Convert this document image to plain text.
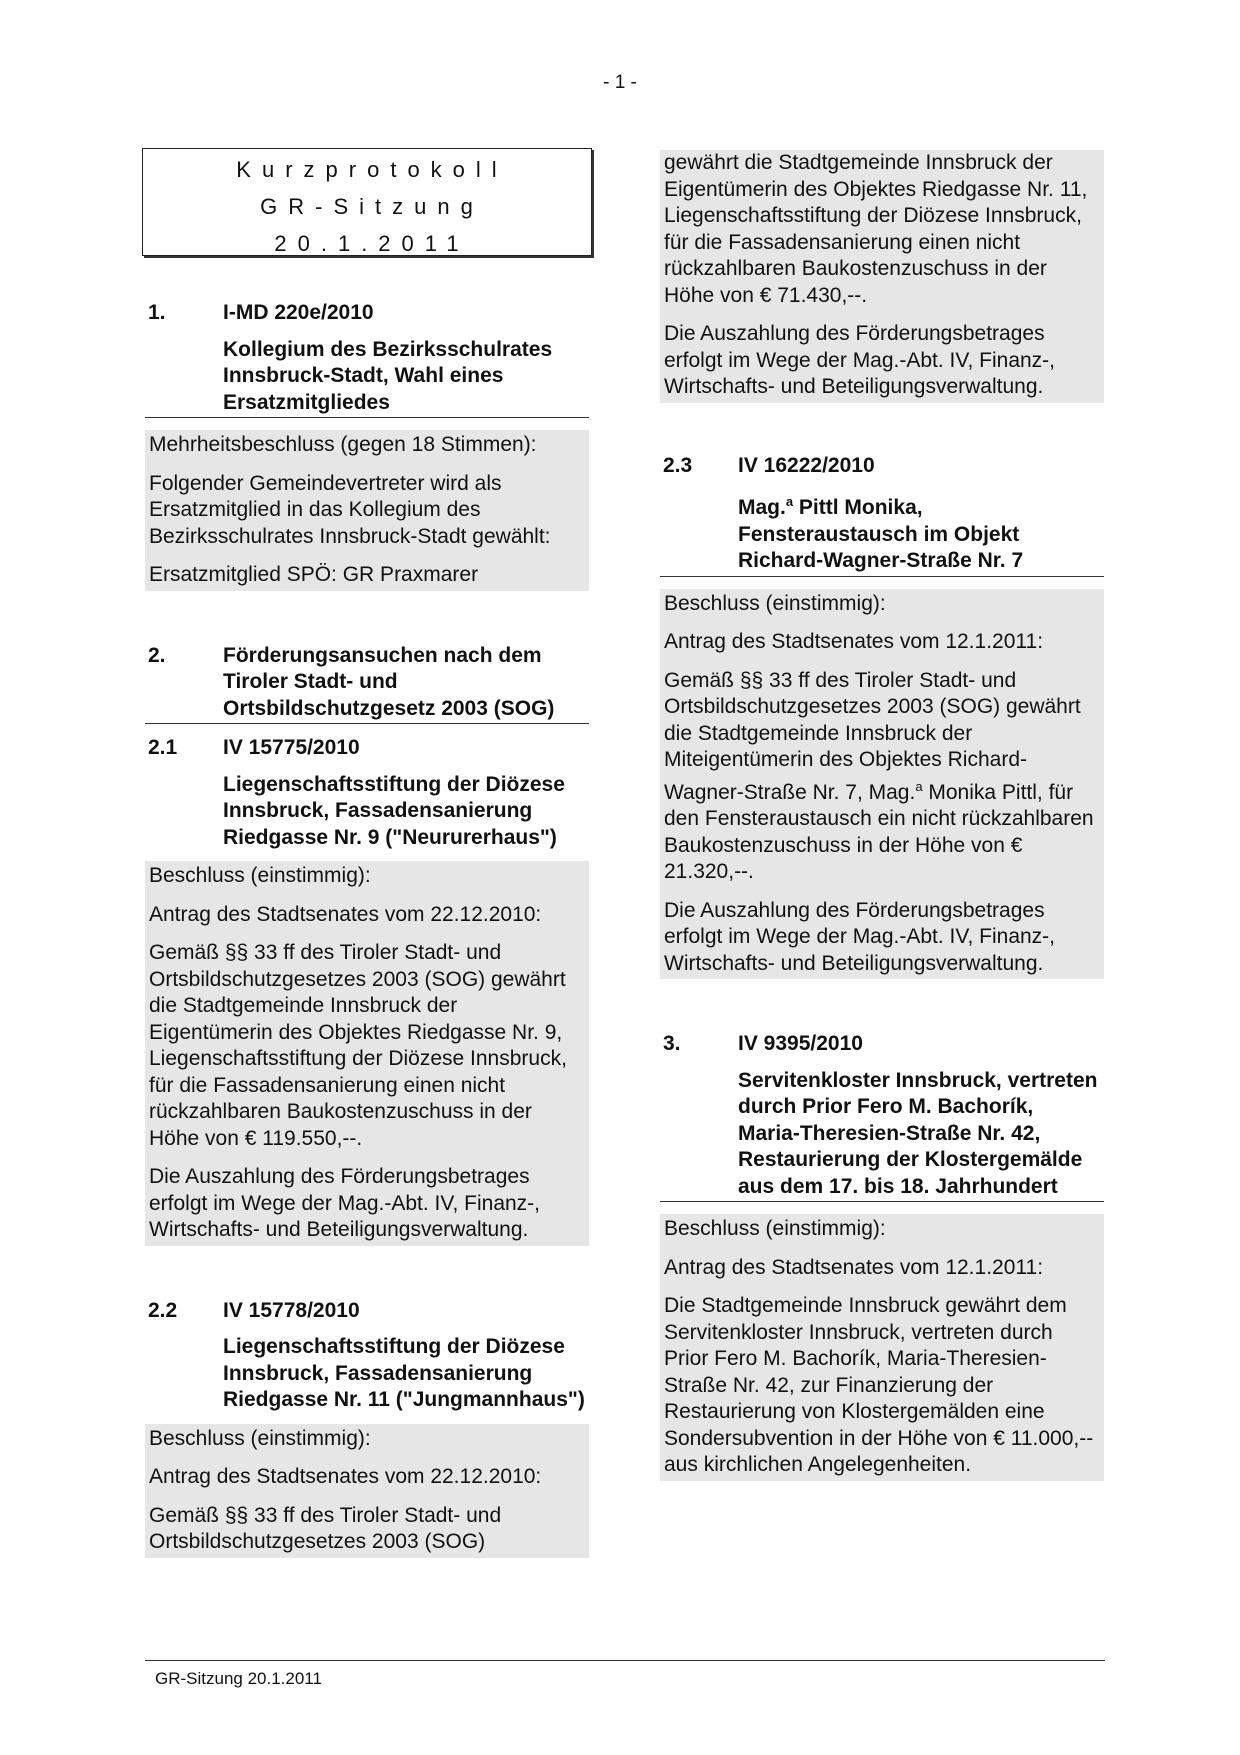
- 1 -
Kurzprotokoll
GR-Sitzung
20.1.2011
1.	I-MD 220e/2010
Kollegium des Bezirksschulrates Innsbruck-Stadt, Wahl eines Ersatzmitgliedes

Mehrheitsbeschluss (gegen 18 Stimmen):

Folgender Gemeindevertreter wird als Ersatzmitglied in das Kollegium des Bezirksschulrates Innsbruck-Stadt gewählt:

Ersatzmitglied SPÖ: GR Praxmarer

2.	Förderungsansuchen nach dem Tiroler Stadt- und Ortsbildschutzgesetz 2003 (SOG)
2.1	IV 15775/2010
Liegenschaftsstiftung der Diözese Innsbruck, Fassadensanierung Riedgasse Nr. 9 ("Neururerhaus")

Beschluss (einstimmig):

Antrag des Stadtsenates vom 22.12.2010:

Gemäß §§ 33 ff des Tiroler Stadt- und Ortsbildschutzgesetzes 2003 (SOG) gewährt die Stadtgemeinde Innsbruck der Eigentümerin des Objektes Riedgasse Nr. 9, Liegenschaftsstiftung der Diözese Innsbruck, für die Fassadensanierung einen nicht rückzahlbaren Baukostenzuschuss in der Höhe von € 119.550,--.

Die Auszahlung des Förderungsbetrages erfolgt im Wege der Mag.-Abt. IV, Finanz-, Wirtschafts- und Beteiligungsverwaltung.

2.2	IV 15778/2010
Liegenschaftsstiftung der Diözese Innsbruck, Fassadensanierung Riedgasse Nr. 11 ("Jungmannhaus")

Beschluss (einstimmig):

Antrag des Stadtsenates vom 22.12.2010:

Gemäß §§ 33 ff des Tiroler Stadt- und Ortsbildschutzgesetzes 2003 (SOG)

gewährt die Stadtgemeinde Innsbruck der Eigentümerin des Objektes Riedgasse Nr. 11, Liegenschaftsstiftung der Diözese Innsbruck, für die Fassadensanierung einen nicht rückzahlbaren Baukostenzuschuss in der Höhe von € 71.430,--.

Die Auszahlung des Förderungsbetrages erfolgt im Wege der Mag.-Abt. IV, Finanz-, Wirtschafts- und Beteiligungsverwaltung.

2.3	IV 16222/2010
Mag.$^a$ Pittl Monika, Fensteraustausch im Objekt Richard-Wagner-Straße Nr. 7

Beschluss (einstimmig):

Antrag des Stadtsenates vom 12.1.2011:

Gemäß §§ 33 ff des Tiroler Stadt- und Ortsbildschutzgesetzes 2003 (SOG) gewährt die Stadtgemeinde Innsbruck der Miteigentümerin des Objektes Richard-Wagner-Straße Nr. 7, Mag.$^a$ Monika Pittl, für den Fensteraustausch ein nicht rückzahlbaren Baukostenzuschuss in der Höhe von € 21.320,--.

Die Auszahlung des Förderungsbetrages erfolgt im Wege der Mag.-Abt. IV, Finanz-, Wirtschafts- und Beteiligungsverwaltung.

3.	IV 9395/2010
Servitenkloster Innsbruck, vertreten durch Prior Fero M. Bachorík, Maria-Theresien-Straße Nr. 42, Restaurierung der Klostergemälde aus dem 17. bis 18. Jahrhundert

Beschluss (einstimmig):

Antrag des Stadtsenates vom 12.1.2011:

Die Stadtgemeinde Innsbruck gewährt dem Servitenkloster Innsbruck, vertreten durch Prior Fero M. Bachorík, Maria-Theresien-Straße Nr. 42, zur Finanzierung der Restaurierung von Klostergemälden eine Sondersubvention in der Höhe von € 11.000,-- aus kirchlichen Angelegenheiten.

GR-Sitzung 20.1.2011
